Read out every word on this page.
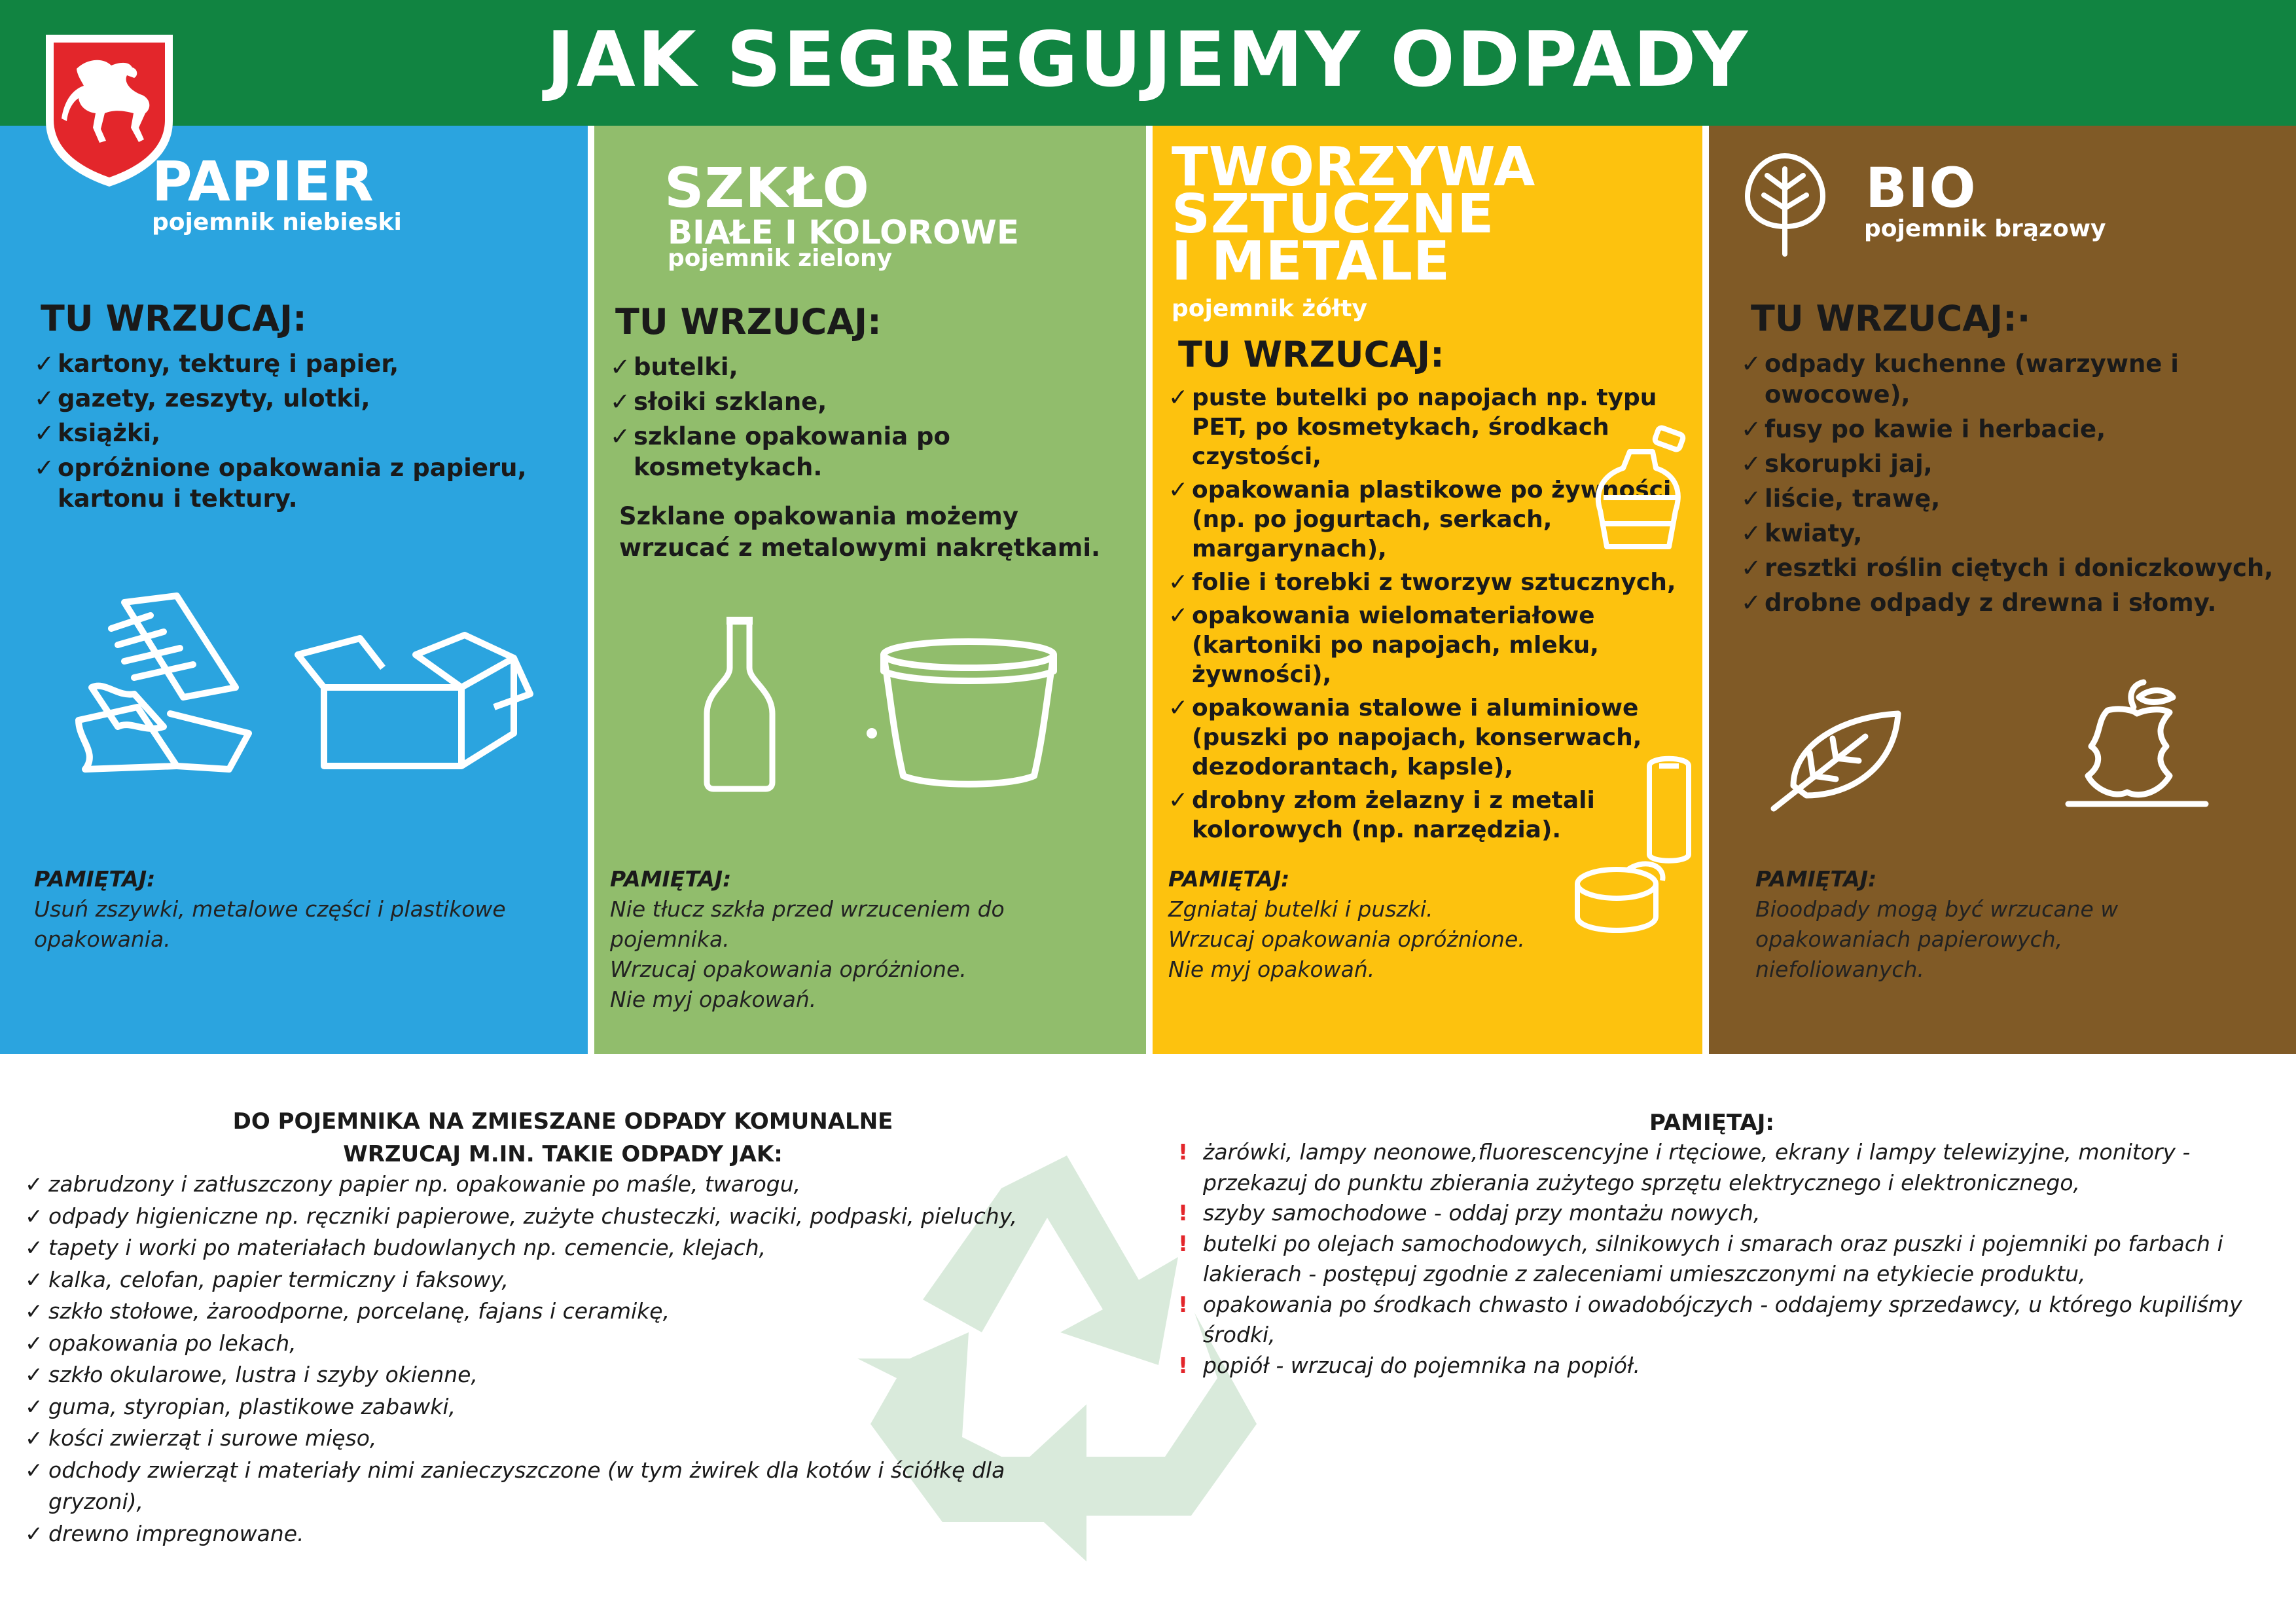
JAK SEGREGUJEMY ODPADY
PAPIER
pojemnik niebieski
TU WRZUCAJ:
✓ kartony, tekturę i papier,
✓ gazety, zeszyty, ulotki,
✓ książki,
✓ opróżnione opakowania z papieru, kartonu i tektury.
PAMIĘTAJ:
Usuń zszywki, metalowe części i plastikowe opakowania.
SZKŁO
BIAŁE I KOLOROWE
pojemnik zielony
TU WRZUCAJ:
✓ butelki,
✓ słoiki szklane,
✓ szklane opakowania po kosmetykach.
Szklane opakowania możemy wrzucać z metalowymi nakrętkami.
PAMIĘTAJ:
Nie tłucz szkła przed wrzuceniem do pojemnika.
Wrzucaj opakowania opróżnione.
Nie myj opakowań.
TWORZYWA
SZTUCZNE
I METALE
pojemnik żółty
TU WRZUCAJ:
✓ puste butelki po napojach np. typu PET, po kosmetykach, środkach czystości,
✓ opakowania plastikowe po żywności (np. po jogurtach, serkach, margarynach),
✓ folie i torebki z tworzyw sztucznych,
✓ opakowania wielomateriałowe (kartoniki po napojach, mleku, żywności),
✓ opakowania stalowe i aluminiowe (puszki po napojach, konserwach, dezodorantach, kapsle),
✓ drobny złom żelazny i z metali kolorowych (np. narzędzia).
PAMIĘTAJ:
Zgniataj butelki i puszki.
Wrzucaj opakowania opróżnione.
Nie myj opakowań.
BIO
pojemnik brązowy
TU WRZUCAJ:·
✓ odpady kuchenne (warzywne i owocowe),
✓ fusy po kawie i herbacie,
✓ skorupki jaj,
✓ liście, trawę,
✓ kwiaty,
✓ resztki roślin ciętych i doniczkowych,
✓ drobne odpady z drewna i słomy.
PAMIĘTAJ:
Bioodpady mogą być wrzucane w opakowaniach papierowych, niefoliowanych.
DO POJEMNIKA NA ZMIESZANE ODPADY KOMUNALNE
WRZUCAJ M.IN. TAKIE ODPADY JAK:
✓ zabrudzony i zatłuszczony papier np. opakowanie po maśle, twarogu,
✓ odpady higieniczne np. ręczniki papierowe, zużyte chusteczki, waciki, podpaski, pieluchy,
✓ tapety i worki po materiałach budowlanych np. cemencie, klejach,
✓ kalka, celofan, papier termiczny i faksowy,
✓ szkło stołowe, żaroodporne, porcelanę, fajans i ceramikę,
✓ opakowania po lekach,
✓ szkło okularowe, lustra i szyby okienne,
✓ guma, styropian, plastikowe zabawki,
✓ kości zwierząt i surowe mięso,
✓ odchody zwierząt i materiały nimi zanieczyszczone (w tym żwirek dla kotów i ściółkę dla gryzoni),
✓ drewno impregnowane.
PAMIĘTAJ:
! żarówki, lampy neonowe,fluorescencyjne i rtęciowe, ekrany i lampy telewizyjne, monitory - przekazuj do punktu zbierania zużytego sprzętu elektrycznego i elektronicznego,
! szyby samochodowe - oddaj przy montażu nowych,
! butelki po olejach samochodowych, silnikowych i smarach oraz puszki i pojemniki po farbach i lakierach - postępuj zgodnie z zaleceniami umieszczonymi na etykiecie produktu,
! opakowania po środkach chwasto i owadobójczych - oddajemy sprzedawcy, u którego kupiliśmy środki,
! popiół - wrzucaj do pojemnika na popiół.
